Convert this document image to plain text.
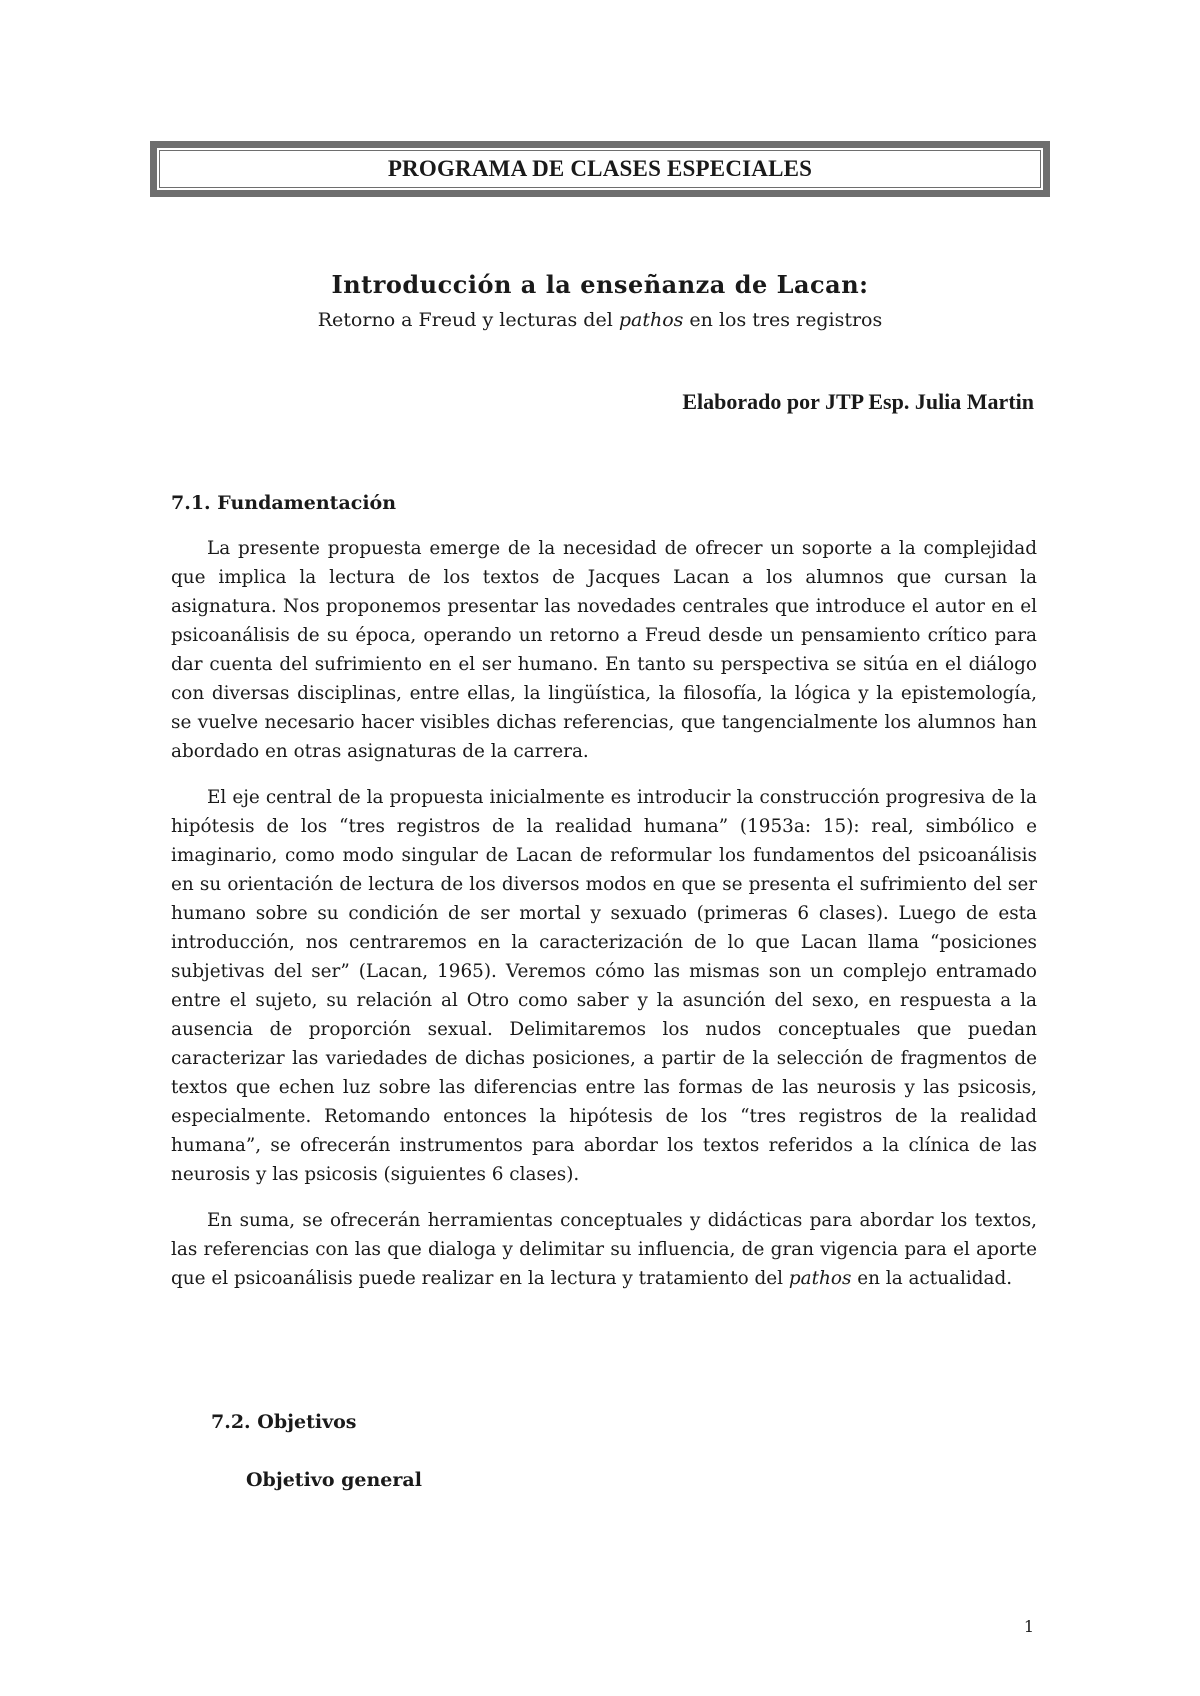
PROGRAMA DE CLASES ESPECIALES
Introducción a la enseñanza de Lacan:
Retorno a Freud y lecturas del pathos en los tres registros
Elaborado por JTP Esp. Julia Martin
7.1. Fundamentación

La presente propuesta emerge de la necesidad de ofrecer un soporte a la complejidad que implica la lectura de los textos de Jacques Lacan a los alumnos que cursan la asignatura. Nos proponemos presentar las novedades centrales que introduce el autor en el psicoanálisis de su época, operando un retorno a Freud desde un pensamiento crítico para dar cuenta del sufrimiento en el ser humano. En tanto su perspectiva se sitúa en el diálogo con diversas disciplinas, entre ellas, la lingüística, la filosofía, la lógica y la epistemología, se vuelve necesario hacer visibles dichas referencias, que tangencialmente los alumnos han abordado en otras asignaturas de la carrera.

El eje central de la propuesta inicialmente es introducir la construcción progresiva de la hipótesis de los “tres registros de la realidad humana” (1953a: 15): real, simbólico e imaginario, como modo singular de Lacan de reformular los fundamentos del psicoanálisis en su orientación de lectura de los diversos modos en que se presenta el sufrimiento del ser humano sobre su condición de ser mortal y sexuado (primeras 6 clases). Luego de esta introducción, nos centraremos en la caracterización de lo que Lacan llama “posiciones subjetivas del ser” (Lacan, 1965). Veremos cómo las mismas son un complejo entramado entre el sujeto, su relación al Otro como saber y la asunción del sexo, en respuesta a la ausencia de proporción sexual. Delimitaremos los nudos conceptuales que puedan caracterizar las variedades de dichas posiciones, a partir de la selección de fragmentos de textos que echen luz sobre las diferencias entre las formas de las neurosis y las psicosis, especialmente. Retomando entonces la hipótesis de los “tres registros de la realidad humana”, se ofrecerán instrumentos para abordar los textos referidos a la clínica de las neurosis y las psicosis (siguientes 6 clases).

En suma, se ofrecerán herramientas conceptuales y didácticas para abordar los textos, las referencias con las que dialoga y delimitar su influencia, de gran vigencia para el aporte que el psicoanálisis puede realizar en la lectura y tratamiento del pathos en la actualidad.

7.2. Objetivos
Objetivo general
1
